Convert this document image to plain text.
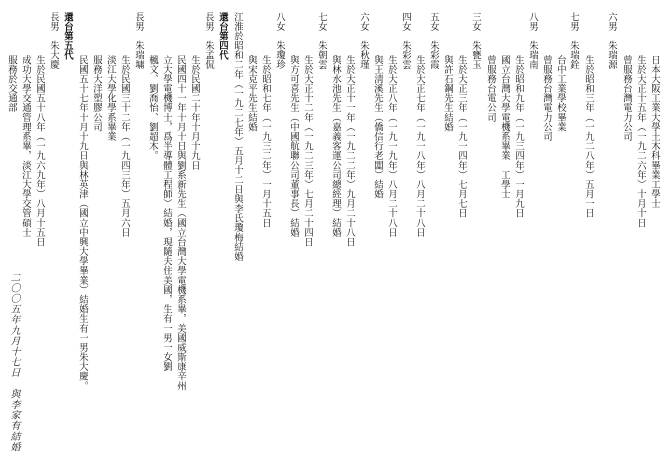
六男　朱瑞源
曾服務台灣電力公司 生於大正十五年（一九二六年）十月十日 日本大阪工業大學土木科畢業工學士
七男　朱瑞銓
生於昭和三年（一九二八年）五月一日
台中工業學校畢業
曾服務台灣電力公司
八男　朱瑞南
生於昭和九年（一九三四年）一月九日
國立台灣大學電機系畢業　工學士
曾服務台電公司
三女　朱甕玉
生於大正三年（一九一四年）七月七日
與許石鋼先生結婚
五女　朱彩霞
生於大正七年（一九一八年）八月二十八日
四女　朱彩雲
生於大正八年（一九一九年）八月二十八日
與王淸溪先生（僑信行老闆）結婚
六女　朱秋瑾
生於大正十一年（一九二二年）九月二十八日
與林水池先生（嘉義客運公司總經理）結婚
七女　朱朝雲
生於大正十二年（一九二三年）七月二十四日
與方可喜先生（中國航聯公司董事長）結婚
八女　朱瓊珍
生於昭和七年（一九三二年）一月十五日
與宋克平先生結婚
江淮於昭和二年（一九二七年）五月十二日與李氏瓊梅結婚
還台第四代
長男　朱孟侃
生於民國二十年十月十九日
民國四十一年十月十日與劉系新先生（國立台灣大學電機系畢，美國威斯康辛州
立大學電機博士，爲半導體工程師）結婚，現隨夫住美國，生有一男一女劉
楓文、劉喬怡、劉超木。
長男　朱瑞墉
生於民國三十二年（一九四三年）五月六日
淡江大學化學系畢業
服務大洋塑膠公司
民國五十七年十月十九日與林英津（國立中興大學畢業）結婚生有一男朱大慶。
還台第五代
長男　朱大慶
生於民國五十八年（一九六九年）八月十五日
成功大學交通管理系畢，淡江大學交管碩士
服務於交通部
二〇〇五年九月十七日　與李家有結婚
